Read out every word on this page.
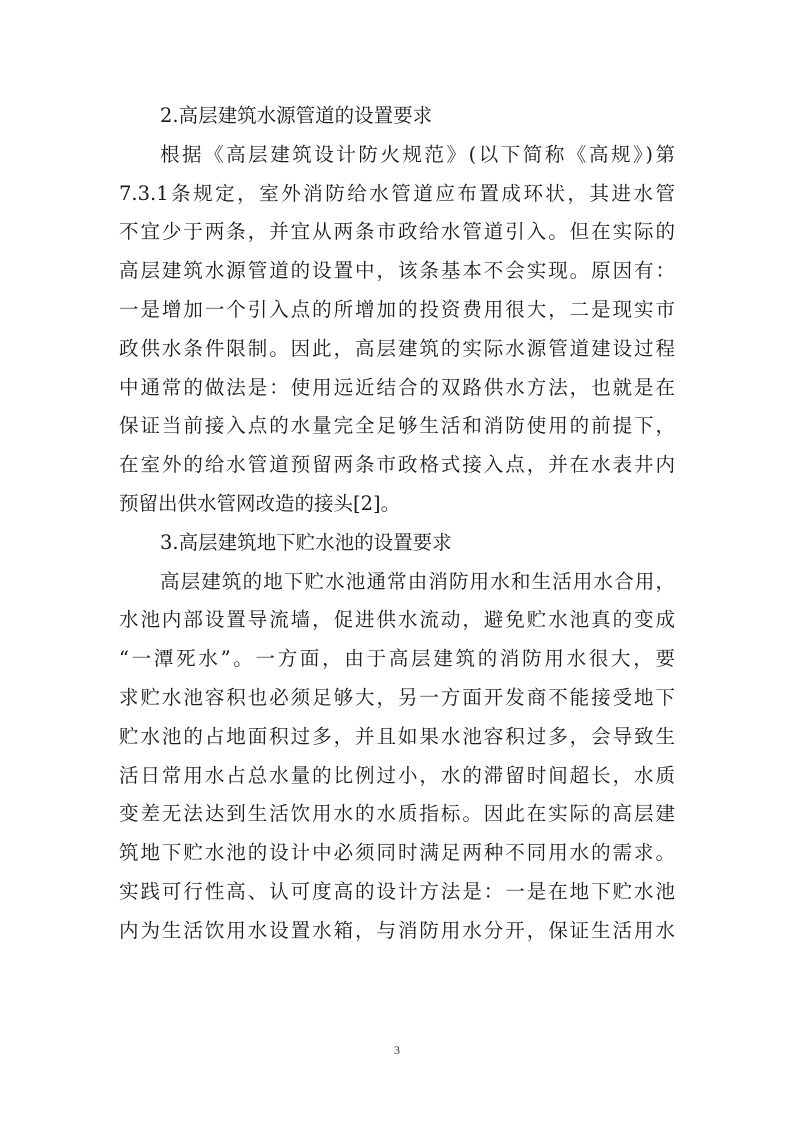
2.高层建筑水源管道的设置要求
根据《高层建筑设计防火规范》(以下简称《高规》)第
7.3.1条规定，室外消防给水管道应布置成环状，其进水管
不宜少于两条，并宜从两条市政给水管道引入。但在实际的
高层建筑水源管道的设置中，该条基本不会实现。原因有：
一是增加一个引入点的所增加的投资费用很大，二是现实市
政供水条件限制。因此，高层建筑的实际水源管道建设过程
中通常的做法是：使用远近结合的双路供水方法，也就是在
保证当前接入点的水量完全足够生活和消防使用的前提下，
在室外的给水管道预留两条市政格式接入点，并在水表井内
预留出供水管网改造的接头[2]。
3.高层建筑地下贮水池的设置要求
高层建筑的地下贮水池通常由消防用水和生活用水合用，
水池内部设置导流墙，促进供水流动，避免贮水池真的变成
“一潭死水”。一方面，由于高层建筑的消防用水很大，要
求贮水池容积也必须足够大，另一方面开发商不能接受地下
贮水池的占地面积过多，并且如果水池容积过多，会导致生
活日常用水占总水量的比例过小，水的滞留时间超长，水质
变差无法达到生活饮用水的水质指标。因此在实际的高层建
筑地下贮水池的设计中必须同时满足两种不同用水的需求。
实践可行性高、认可度高的设计方法是：一是在地下贮水池
内为生活饮用水设置水箱，与消防用水分开，保证生活用水
3
